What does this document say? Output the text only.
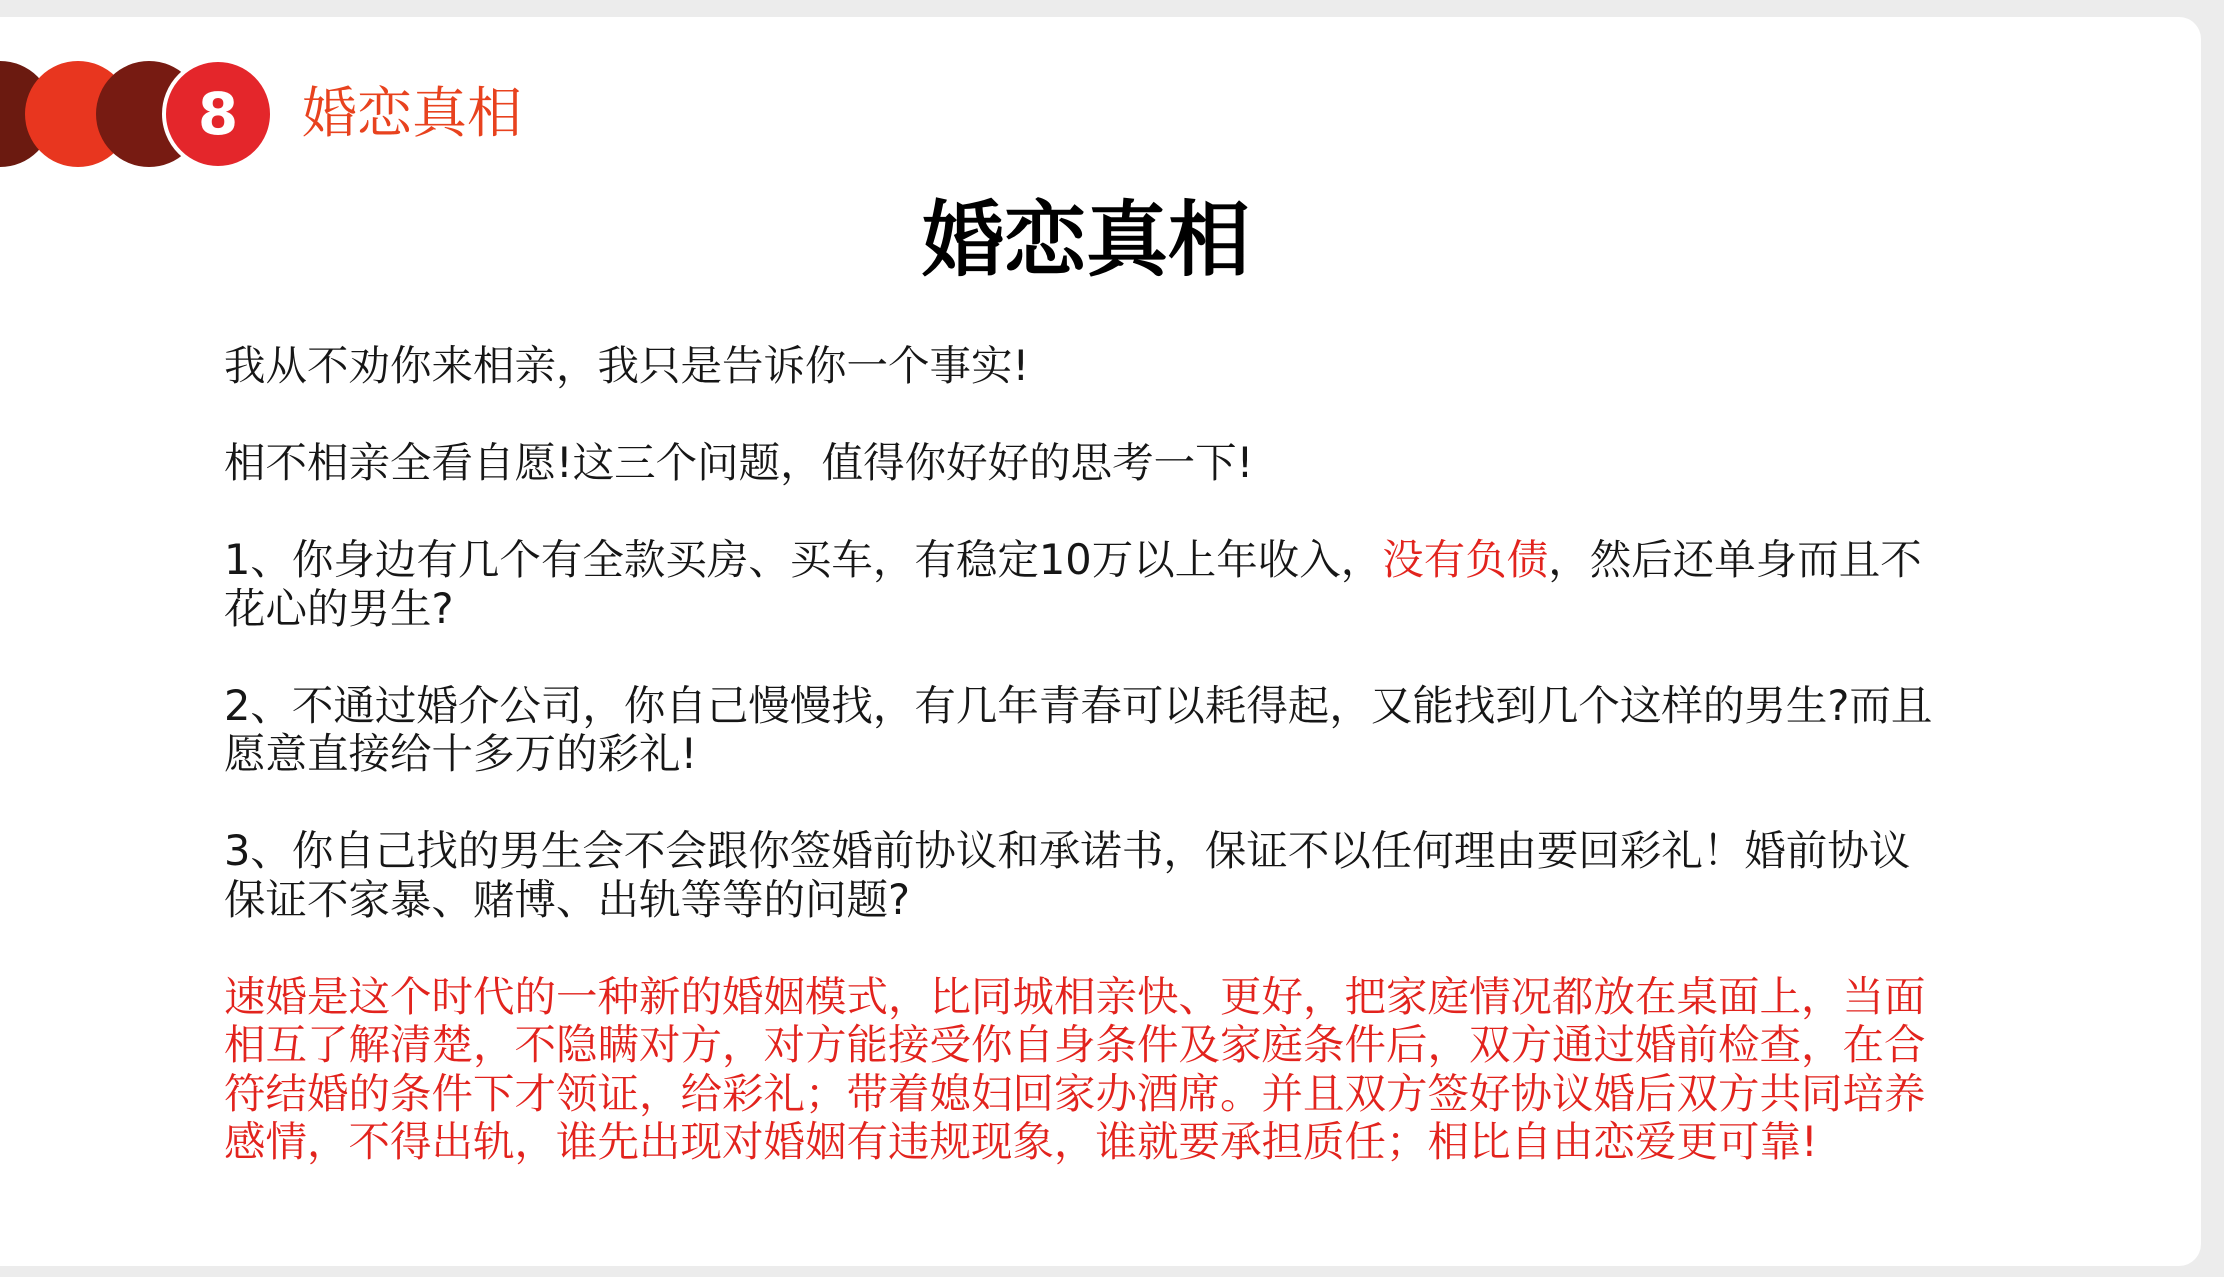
8 婚恋真相
婚恋真相
我从不劝你来相亲，我只是告诉你一个事实!
相不相亲全看自愿!这三个问题，值得你好好的思考一下!
1、你身边有几个有全款买房、买车，有稳定10万以上年收入，没有负债，然后还单身而且不
花心的男生?
2、不通过婚介公司，你自己慢慢找，有几年青春可以耗得起，又能找到几个这样的男生?而且
愿意直接给十多万的彩礼!
3、你自己找的男生会不会跟你签婚前协议和承诺书，保证不以任何理由要回彩礼！婚前协议
保证不家暴、赌博、出轨等等的问题?
速婚是这个时代的一种新的婚姻模式，比同城相亲快、更好，把家庭情况都放在桌面上，当面
相互了解清楚，不隐瞒对方，对方能接受你自身条件及家庭条件后，双方通过婚前检查，在合
符结婚的条件下才领证，给彩礼；带着媳妇回家办酒席。并且双方签好协议婚后双方共同培养
感情，不得出轨，谁先出现对婚姻有违规现象，谁就要承担质任；相比自由恋爱更可靠!
